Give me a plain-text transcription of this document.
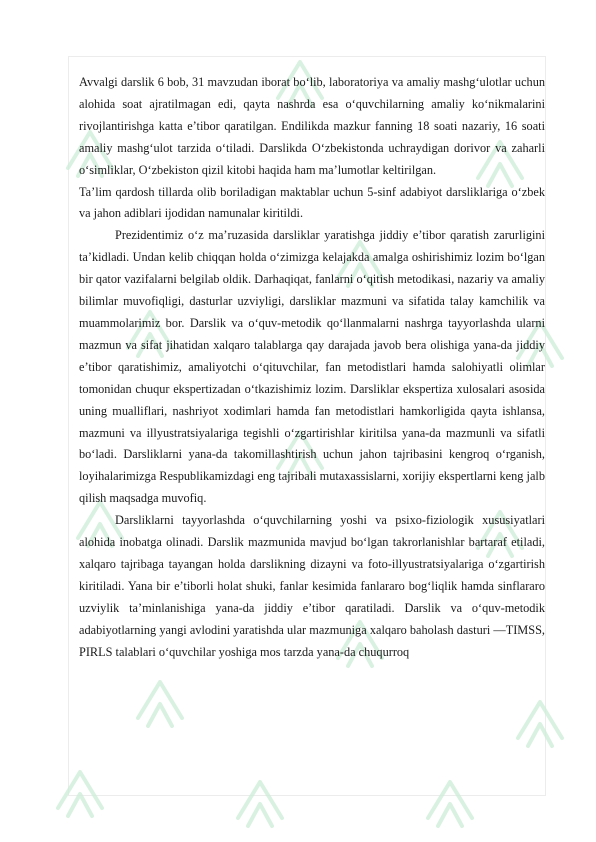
Avvalgi darslik 6 bob, 31 mavzudan iborat bo‘lib, laboratoriya va amaliy mashg‘ulotlar uchun alohida soat ajratilmagan edi, qayta nashrda esa o‘quvchilarning amaliy ko‘nikmalarini rivojlantirishga katta e’tibor qaratilgan. Endilikda mazkur fanning 18 soati nazariy, 16 soati amaliy mashg‘ulot tarzida o‘tiladi. Darslikda O‘zbekistonda uchraydigan dorivor va zaharli o‘simliklar, O‘zbekiston qizil kitobi haqida ham ma’lumotlar keltirilgan.

Ta’lim qardosh tillarda olib boriladigan maktablar uchun 5-sinf adabiyot darsliklariga o‘zbek va jahon adiblari ijodidan namunalar kiritildi.

Prezidentimiz o‘z ma’ruzasida darsliklar yaratishga jiddiy e’tibor qaratish zarurligini ta’kidladi. Undan kelib chiqqan holda o‘zimizga kelajakda amalga oshirishimiz lozim bo‘lgan bir qator vazifalarni belgilab oldik. Darhaqiqat, fanlarni o‘qitish metodikasi, nazariy va amaliy bilimlar muvofiqligi, dasturlar uzviyligi, darsliklar mazmuni va sifatida talay kamchilik va muammolarimiz bor. Darslik va o‘quv-metodik qo‘llanmalarni nashrga tayyorlashda ularni mazmun va sifat jihatidan xalqaro talablarga qay darajada javob bera olishiga yana-da jiddiy e’tibor qaratishimiz, amaliyotchi o‘qituvchilar, fan metodistlari hamda salohiyatli olimlar tomonidan chuqur ekspertizadan o‘tkazishimiz lozim. Darsliklar ekspertiza xulosalari asosida uning mualliflari, nashriyot xodimlari hamda fan metodistlari hamkorligida qayta ishlansa, mazmuni va illyustratsiyalariga tegishli o‘zgartirishlar kiritilsa yana-da mazmunli va sifatli bo‘ladi. Darsliklarni yana-da takomillashtirish uchun jahon tajribasini kengroq o‘rganish, loyihalarimizga Respublikamizdagi eng tajribali mutaxassislarni, xorijiy ekspertlarni keng jalb qilish maqsadga muvofiq.

Darsliklarni tayyorlashda o‘quvchilarning yoshi va psixo-fiziologik xususiyatlari alohida inobatga olinadi. Darslik mazmunida mavjud bo‘lgan takrorlanishlar bartaraf etiladi, xalqaro tajribaga tayangan holda darslikning dizayni va foto-illyustratsiyalariga o‘zgartirish kiritiladi. Yana bir e’tiborli holat shuki, fanlar kesimida fanlararo bog‘liqlik hamda sinflararo uzviylik ta’minlanishiga yana-da jiddiy e’tibor qaratiladi. Darslik va o‘quv-metodik adabiyotlarning yangi avlodini yaratishda ular mazmuniga xalqaro baholash dasturi —TIMSS, PIRLS talablari o‘quvchilar yoshiga mos tarzda yana-da chuqurroq
